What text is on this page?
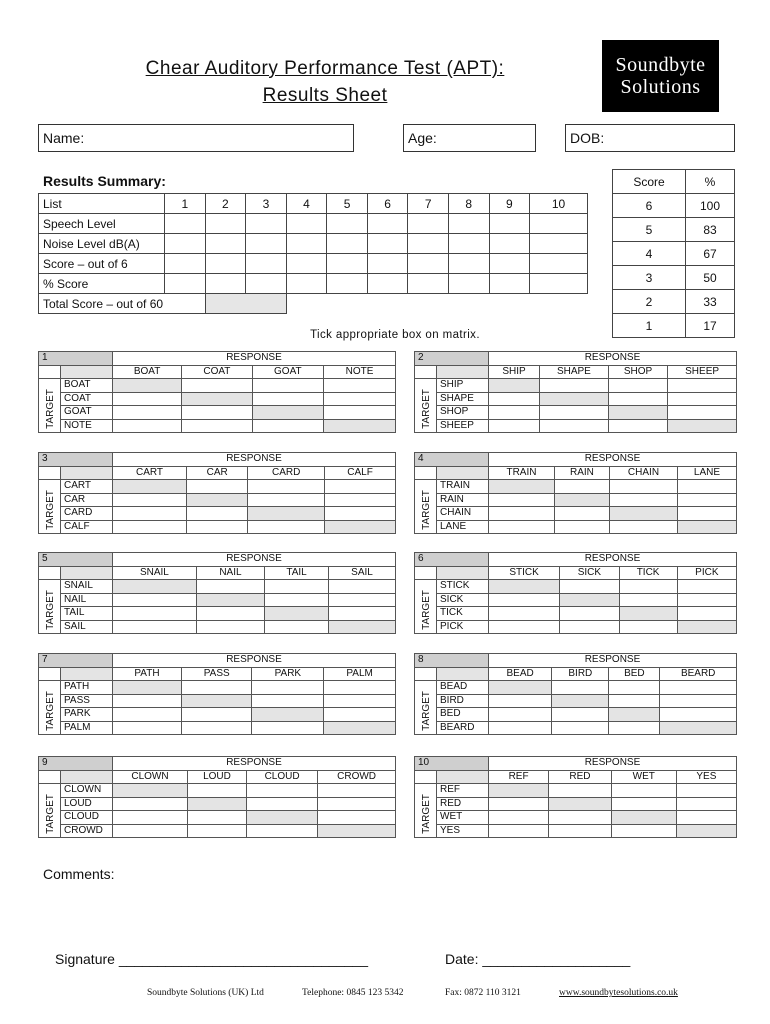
Chear Auditory Performance Test (APT):
Results Sheet
Soundbyte
Solutions
Name:	Age:	DOB:
Results Summary:
List	1	2	3	4	5	6	7	8	9	10
Speech Level										
Noise Level dB(A)										
Score – out of 6										
% Score										
Total Score – out of 60										
Score	%
6	100
5	83
4	67
3	50
2	33
1	17
Tick appropriate box on matrix.
1		RESPONSE			
		BOAT	COAT	GOAT	NOTE

TARGET	BOAT				
	COAT				
	GOAT				
	NOTE				
2		RESPONSE			
		SHIP	SHAPE	SHOP	SHEEP

TARGET	SHIP				
	SHAPE				
	SHOP				
	SHEEP				
3		RESPONSE			
		CART	CAR	CARD	CALF

TARGET	CART				
	CAR				
	CARD				
	CALF				
4		RESPONSE			
		TRAIN	RAIN	CHAIN	LANE

TARGET	TRAIN				
	RAIN				
	CHAIN				
	LANE				
5		RESPONSE			
		SNAIL	NAIL	TAIL	SAIL

TARGET	SNAIL				
	NAIL				
	TAIL				
	SAIL				
6		RESPONSE			
		STICK	SICK	TICK	PICK

TARGET	STICK				
	SICK				
	TICK				
	PICK				
7		RESPONSE			
		PATH	PASS	PARK	PALM

TARGET	PATH				
	PASS				
	PARK				
	PALM				
8		RESPONSE			
		BEAD	BIRD	BED	BEARD

TARGET	BEAD				
	BIRD				
	BED				
	BEARD				
9		RESPONSE			
		CLOWN	LOUD	CLOUD	CROWD

TARGET	CLOWN				
	LOUD				
	CLOUD				
	CROWD				
10		RESPONSE			
		REF	RED	WET	YES

TARGET	REF				
	RED				
	WET				
	YES				
Comments:
Signature ________________________________	Date: ___________________
Soundbyte Solutions (UK) Ltd	Telephone: 0845 123 5342	Fax: 0872 110 3121	www.soundbytesolutions.co.uk
